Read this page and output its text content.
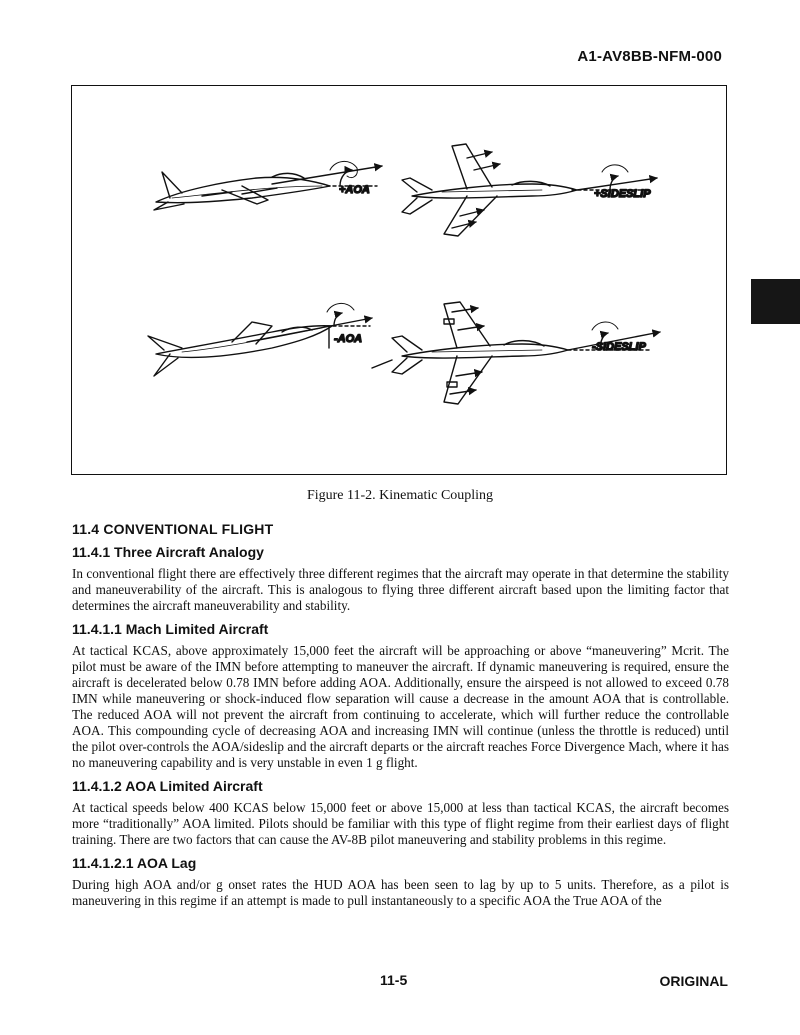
A1-AV8BB-NFM-000
+AOA	+SIDESLIP
-AOA
-SIDESLIP
Figure 11-2. Kinematic Coupling
11.4 CONVENTIONAL FLIGHT
11.4.1 Three Aircraft Analogy

In conventional flight there are effectively three different regimes that the aircraft may operate in that determine the stability and maneuverability of the aircraft. This is analogous to flying three different aircraft based upon the limiting factor that determines the aircraft maneuverability and stability.

11.4.1.1 Mach Limited Aircraft

At tactical KCAS, above approximately 15,000 feet the aircraft will be approaching or above “maneuvering” Mcrit. The pilot must be aware of the IMN before attempting to maneuver the aircraft. If dynamic maneuvering is required, ensure the aircraft is decelerated below 0.78 IMN before adding AOA. Additionally, ensure the airspeed is not allowed to exceed 0.78 IMN while maneuvering or shock-induced flow separation will cause a decrease in the amount AOA that is controllable. The reduced AOA will not prevent the aircraft from continuing to accelerate, which will further reduce the controllable AOA. This compounding cycle of decreasing AOA and increasing IMN will continue (unless the throttle is reduced) until the pilot over-controls the AOA/sideslip and the aircraft departs or the aircraft reaches Force Divergence Mach, where it has no maneuvering capability and is very unstable in even 1 g flight.

11.4.1.2 AOA Limited Aircraft

At tactical speeds below 400 KCAS below 15,000 feet or above 15,000 at less than tactical KCAS, the aircraft becomes more “traditionally” AOA limited. Pilots should be familiar with this type of flight regime from their earliest days of flight training. There are two factors that can cause the AV-8B pilot maneuvering and stability problems in this regime.

11.4.1.2.1 AOA Lag

During high AOA and/or g onset rates the HUD AOA has been seen to lag by up to 5 units. Therefore, as a pilot is maneuvering in this regime if an attempt is made to pull instantaneously to a specific AOA the True AOA of the

11-5	ORIGINAL
